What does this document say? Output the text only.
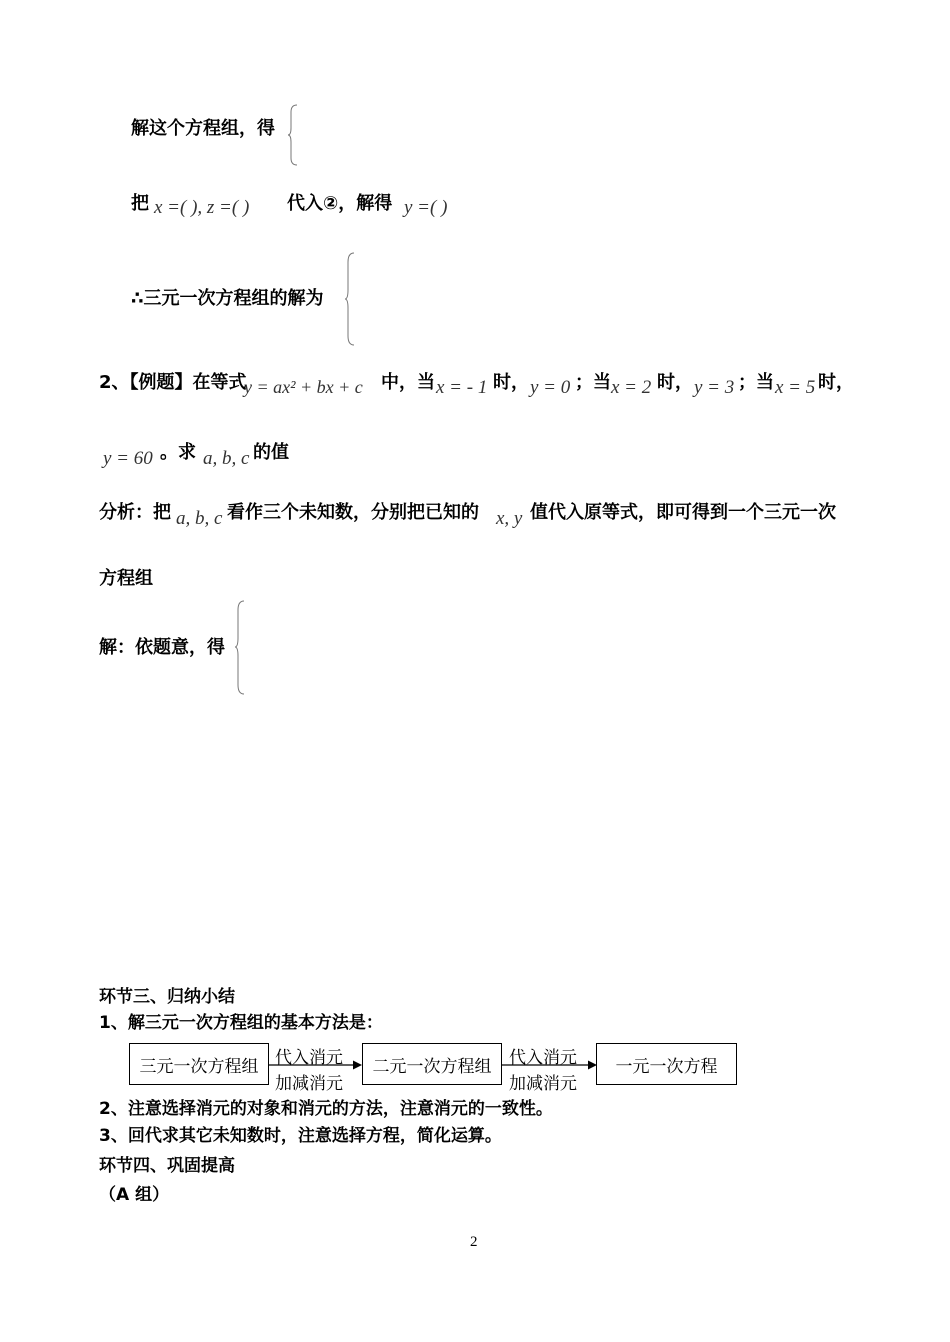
解这个方程组，得
把 x =( ), z =( ) 代入②，解得 y =( )
∴三元一次方程组的解为
2、【例题】在等式
y = ax² + bx + c 中，当 x = - 1 时， y = 0 ；当 x = 2 时， y = 3 ；当 x = 5 时，
y = 60 。求 a, b, c 的值
分析：把 a, b, c 看作三个未知数，分别把已知的 x, y 值代入原等式，即可得到一个三元一次
方程组
解：依题意，得
环节三、归纳小结
1、解三元一次方程组的基本方法是：
三元一次方程组 代入消元
加减消元
二元一次方程组	代入消元
加减消元
一元一次方程
2、注意选择消元的对象和消元的方法，注意消元的一致性。
3、回代求其它未知数时，注意选择方程，简化运算。
环节四、巩固提高
（A 组）
2
